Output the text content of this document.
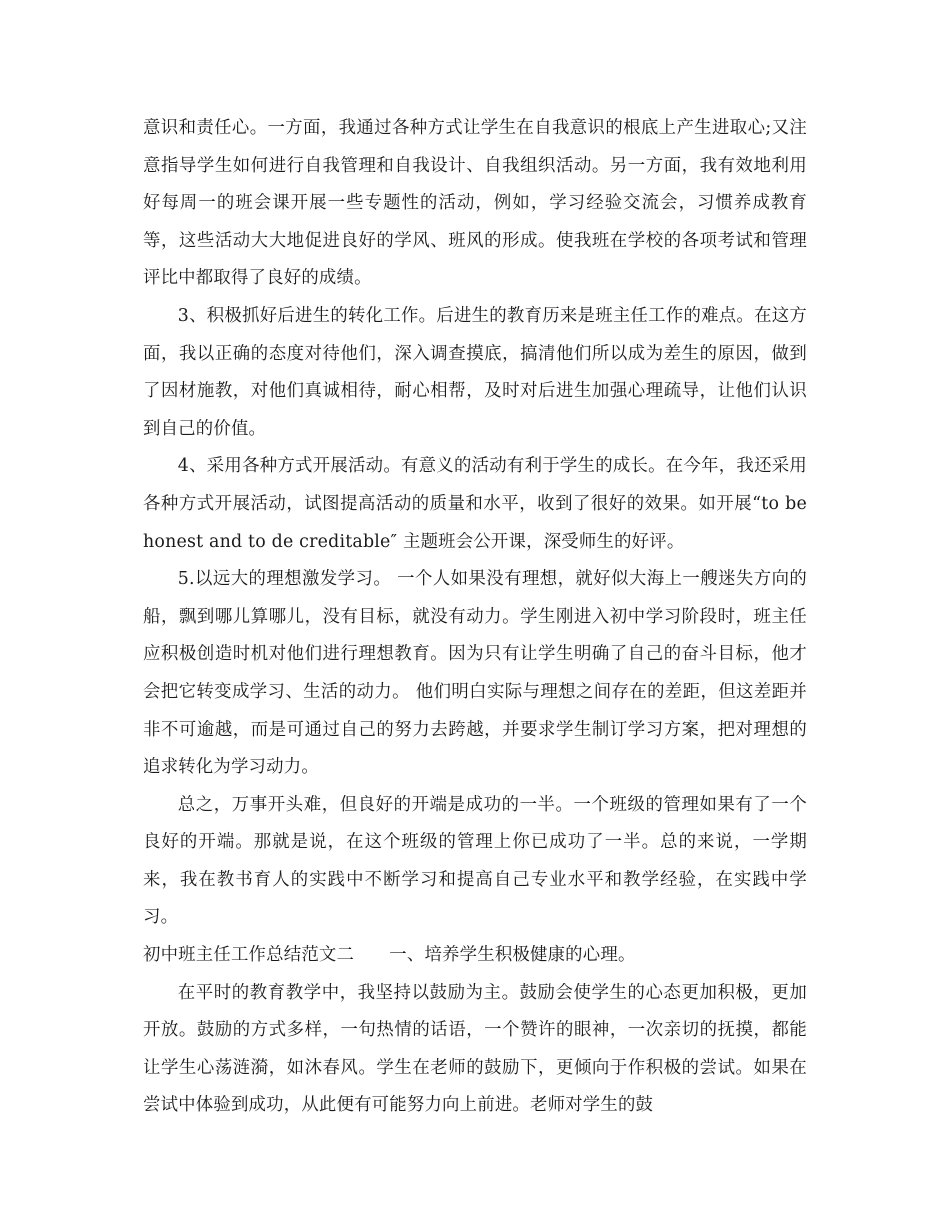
意识和责任心。一方面，我通过各种方式让学生在自我意识的根底上产生进取心;又注意指导学生如何进行自我管理和自我设计、自我组织活动。另一方面，我有效地利用好每周一的班会课开展一些专题性的活动，例如，学习经验交流会，习惯养成教育等，这些活动大大地促进良好的学风、班风的形成。使我班在学校的各项考试和管理评比中都取得了良好的成绩。

3、积极抓好后进生的转化工作。后进生的教育历来是班主任工作的难点。在这方面，我以正确的态度对待他们，深入调查摸底，搞清他们所以成为差生的原因，做到了因材施教，对他们真诚相待，耐心相帮，及时对后进生加强心理疏导，让他们认识到自己的价值。

4、采用各种方式开展活动。有意义的活动有利于学生的成长。在今年，我还采用各种方式开展活动，试图提高活动的质量和水平，收到了很好的效果。如开展“to be honest and to de creditable″ 主题班会公开课，深受师生的好评。

5.以远大的理想激发学习。 一个人如果没有理想，就好似大海上一艘迷失方向的船，飘到哪儿算哪儿，没有目标，就没有动力。学生刚进入初中学习阶段时，班主任应积极创造时机对他们进行理想教育。因为只有让学生明确了自己的奋斗目标，他才会把它转变成学习、生活的动力。 他们明白实际与理想之间存在的差距，但这差距并非不可逾越，而是可通过自己的努力去跨越，并要求学生制订学习方案，把对理想的追求转化为学习动力。

总之，万事开头难，但良好的开端是成功的一半。一个班级的管理如果有了一个良好的开端。那就是说，在这个班级的管理上你已成功了一半。总的来说，一学期来，我在教书育人的实践中不断学习和提高自己专业水平和教学经验，在实践中学习。

初中班主任工作总结范文二　　一、培养学生积极健康的心理。

在平时的教育教学中，我坚持以鼓励为主。鼓励会使学生的心态更加积极，更加开放。鼓励的方式多样，一句热情的话语，一个赞许的眼神，一次亲切的抚摸，都能让学生心荡涟漪，如沐春风。学生在老师的鼓励下，更倾向于作积极的尝试。如果在尝试中体验到成功，从此便有可能努力向上前进。老师对学生的鼓
